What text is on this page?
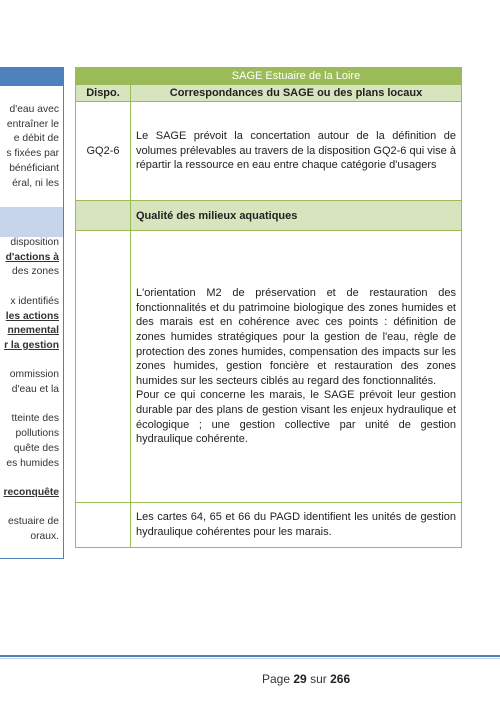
d'eau avec
entraîner le
e débit de
s fixées par
bénéficiant
éral, ni les
disposition
d'actions à
des zones

x identifiés
les actions
nnemental
r la gestion

ommission
d'eau et la

tteinte des
pollutions
quête des
es humides

reconquête

estuaire de
oraux.
	SAGE Estuaire de la Loire
Dispo.	Correspondances du SAGE ou des plans locaux
GQ2-6	Le SAGE prévoit la concertation autour de la définition de volumes prélevables au travers de la disposition GQ2-6 qui vise à répartir la ressource en eau entre chaque catégorie d'usagers
	Qualité des milieux aquatiques

	L'orientation M2 de préservation et de restauration des fonctionnalités et du patrimoine biologique des zones humides et des marais est en cohérence avec ces points : définition de zones humides stratégiques pour la gestion de l'eau, règle de protection des zones humides, compensation des impacts sur les zones humides, gestion foncière et restauration des zones humides sur les secteurs ciblés au regard des fonctionnalités.
Pour ce qui concerne les marais, le SAGE prévoit leur gestion durable par des plans de gestion visant les enjeux hydraulique et écologique ; une gestion collective par unité de gestion hydraulique cohérente.

	Les cartes 64, 65 et 66 du PAGD identifient les unités de gestion hydraulique cohérentes pour les marais.
Page 29 sur 266
